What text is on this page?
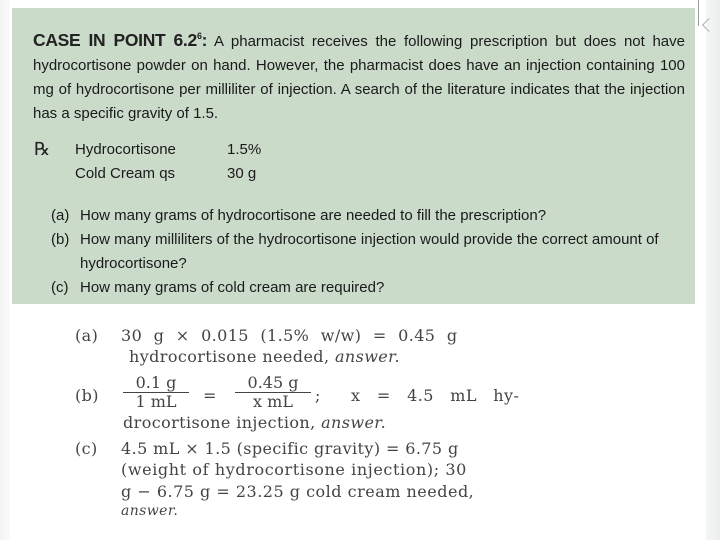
CASE IN POINT $6.2^6$: A pharmacist receives the following prescription but does not have hydrocortisone powder on hand. However, the pharmacist does have an injection containing 100 mg of hydrocortisone per milliliter of injection. A search of the literature indicates that the injection has a specific gravity of 1.5.
℞ Hydrocortisone	1.5%
Cold Cream qs	30 g
(a) How many grams of hydrocortisone are needed to fill the prescription?
(b) How many milliliters of the hydrocortisone injection would provide the correct amount of hydrocortisone?
(c) How many grams of cold cream are required?
(a) 30 g × 0.015 (1.5% w/w) = 0.45 g
hydrocortisone needed, answer.
$(b) \frac{0.1 g}{1 mL} = \frac{0.45 g}{\text{x mL}}$ ; x   =   4.5   mL   hy-
drocortisone injection, answer.
(c) 4.5 mL × 1.5 (specific gravity) = 6.75 g
(weight of hydrocortisone injection); 30
g − 6.75 g = 23.25 g cold cream needed,
answer.
